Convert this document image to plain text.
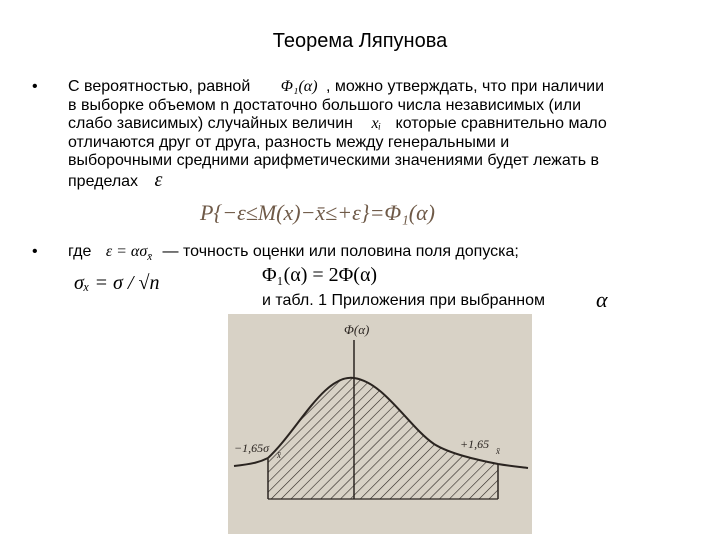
Теорема Ляпунова
• С вероятностью, равной Φ₁(α) , можно утверждать, что при наличии
в выборке объемом n достаточно большого числа независимых (или
слабо зависимых) случайных величин xᵢ которые сравнительно мало
отличаются друг от друга, разность между генеральными и
выборочными средними арифметическими значениями будет лежать в
пределах ε
P{−ε≤M(x)−x̄≤+ε}=Φ₁(α)
• где $\varepsilon = \alpha\sigma_{x̄}$ — точность оценки или половина поля допуска;
Φ₁(α) = 2Φ(α)
σₓ = σ / √n
и табл. 1 Приложения при выбранном α
Φ(α)
−1,65σ x̄
+1,65 x̄
